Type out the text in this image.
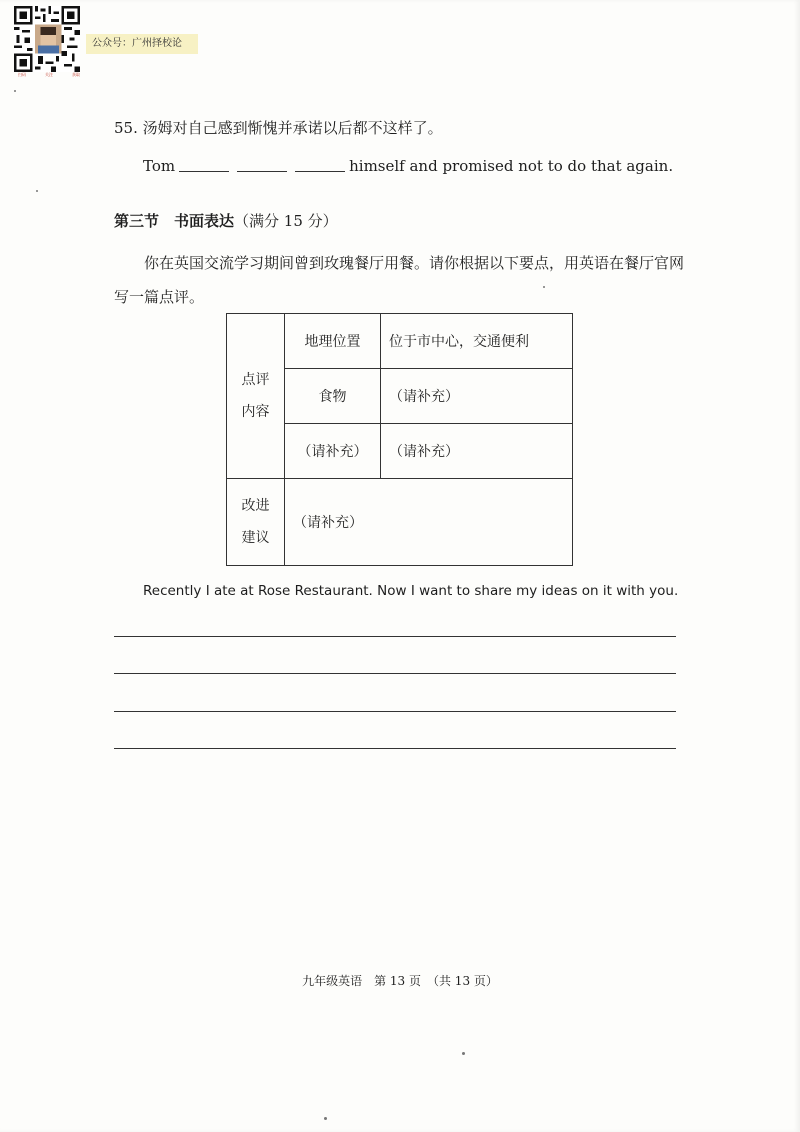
扫码	关注	获取
公众号：广州择校论
55. 汤姆对自己感到惭愧并承诺以后都不这样了。
Tom	himself and promised not to do that again.
第三节　书面表达（满分 15 分）
你在英国交流学习期间曾到玫瑰餐厅用餐。请你根据以下要点，用英语在餐厅官网写一篇点评。
点评
内容	地理位置	位于市中心，交通便利
	食物	（请补充）
	（请补充）	（请补充）
改进
建议	（请补充）	
Recently I ate at Rose Restaurant. Now I want to share my ideas on it with you.
九年级英语　第 13 页　（共 13 页）
